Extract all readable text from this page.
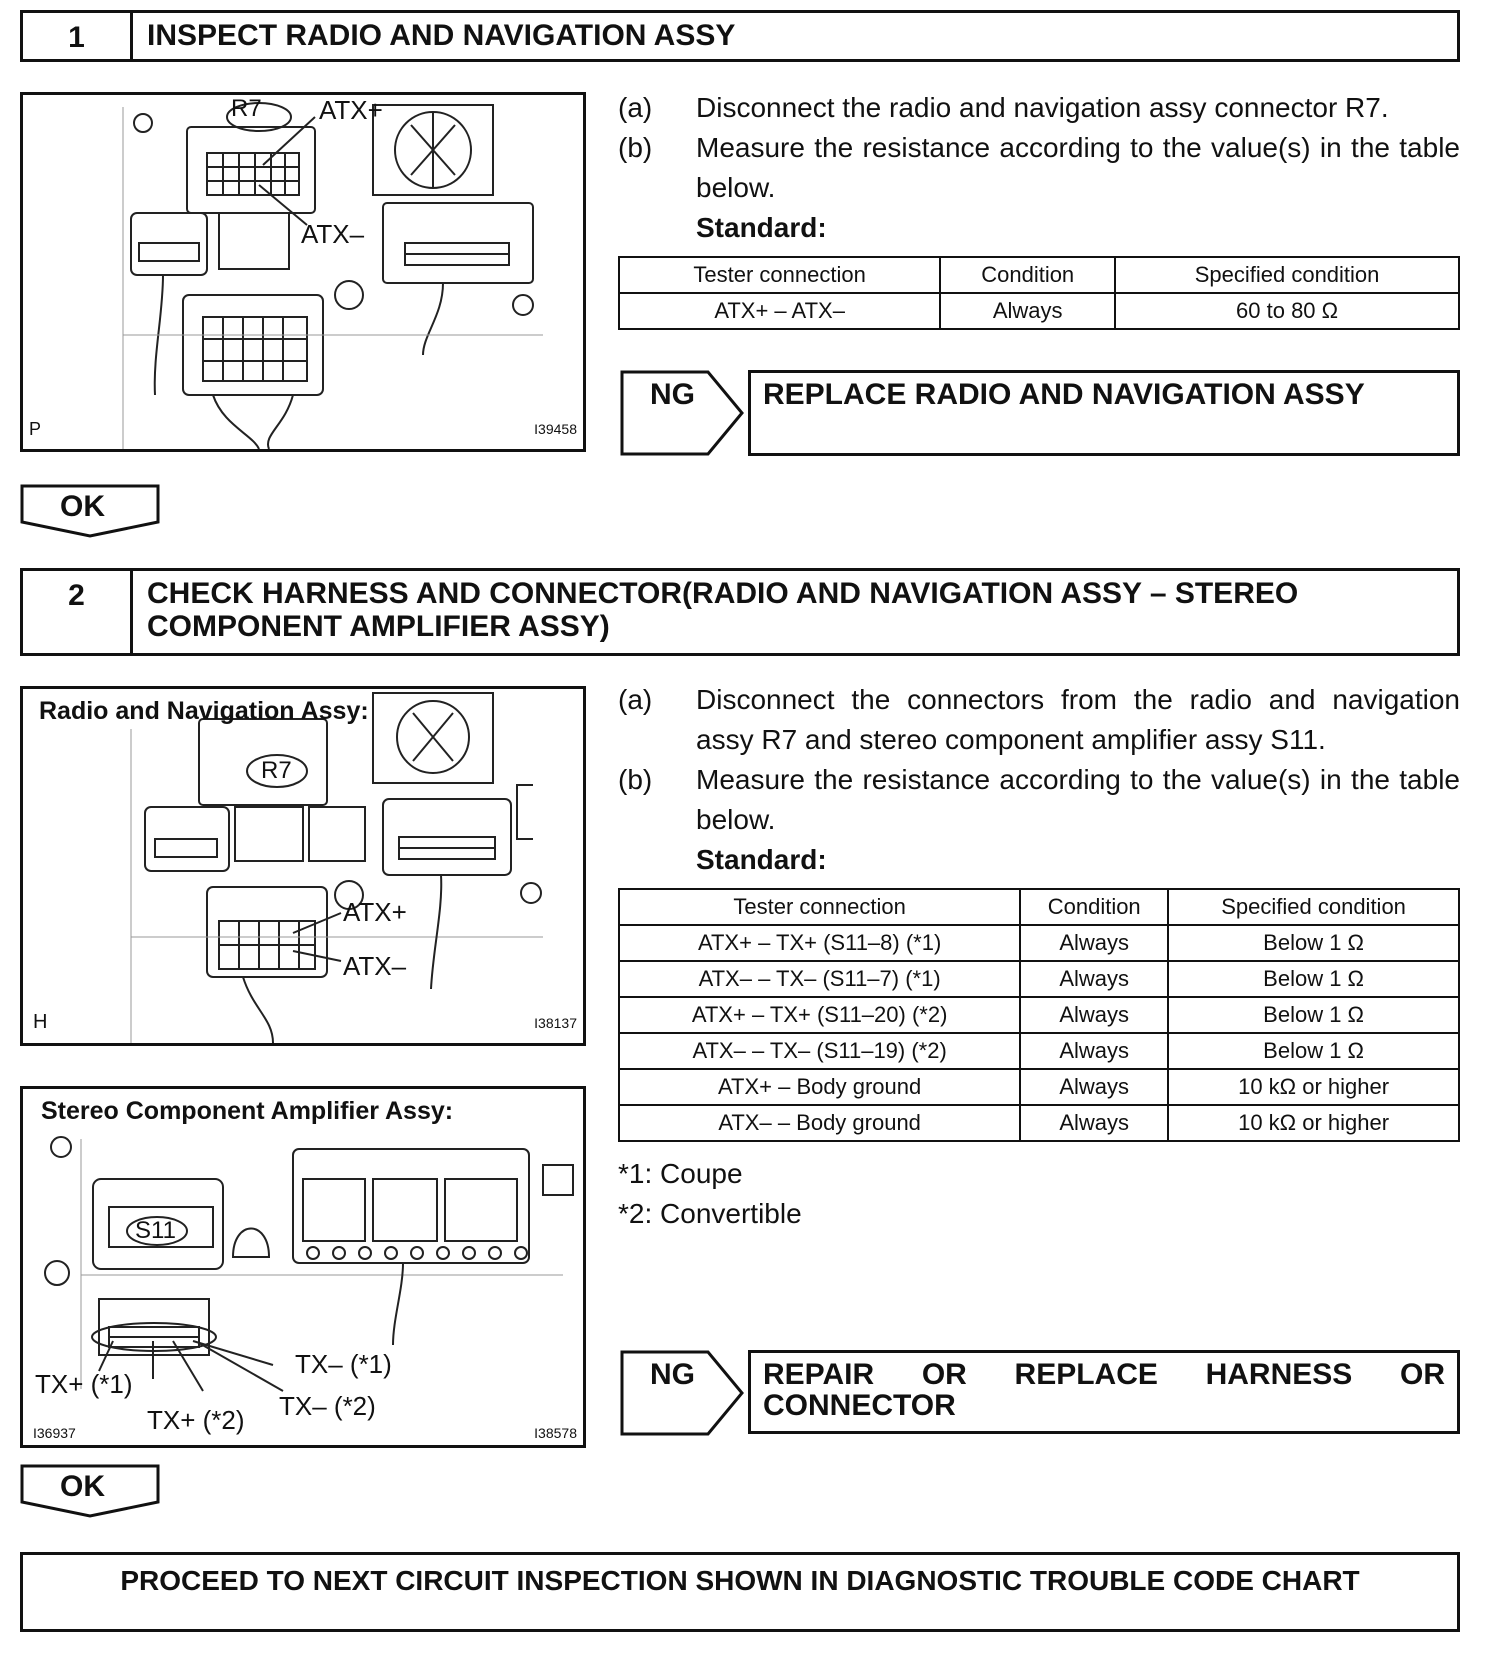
1	INSPECT RADIO AND NAVIGATION ASSY
R7 ATX+
ATX–
P	I39458
(a)	Disconnect the radio and navigation assy connector R7.
(b)	Measure the resistance according to the value(s) in the table below.
Standard:
Tester connection	Condition	Specified condition
ATX+ – ATX–	Always	60 to 80 Ω
NG	REPLACE RADIO AND NAVIGATION ASSY
OK
2	CHECK HARNESS AND CONNECTOR(RADIO AND NAVIGATION ASSY – STEREO COMPONENT AMPLIFIER ASSY)
Radio and Navigation Assy:
R7
ATX+
ATX–
H	I38137
Stereo Component Amplifier Assy:
S11
TX– (*1)
TX+ (*1)
TX– (*2)
TX+ (*2)
I36937	I38578
(a)	Disconnect the connectors from the radio and navigation assy R7 and stereo component amplifier assy S11.
(b)	Measure the resistance according to the value(s) in the table below.
Standard:
Tester connection	Condition	Specified condition
ATX+ – TX+ (S11–8) (*1)	Always	Below 1 Ω
ATX– – TX– (S11–7) (*1)	Always	Below 1 Ω
ATX+ – TX+ (S11–20) (*2)	Always	Below 1 Ω
ATX– – TX– (S11–19) (*2)	Always	Below 1 Ω
ATX+ – Body ground	Always	10 kΩ or higher
ATX– – Body ground	Always	10 kΩ or higher
*1: Coupe
*2: Convertible
NG REPAIR OR REPLACE HARNESS OR
CONNECTOR
OK
PROCEED TO NEXT CIRCUIT INSPECTION SHOWN IN DIAGNOSTIC TROUBLE CODE CHART
